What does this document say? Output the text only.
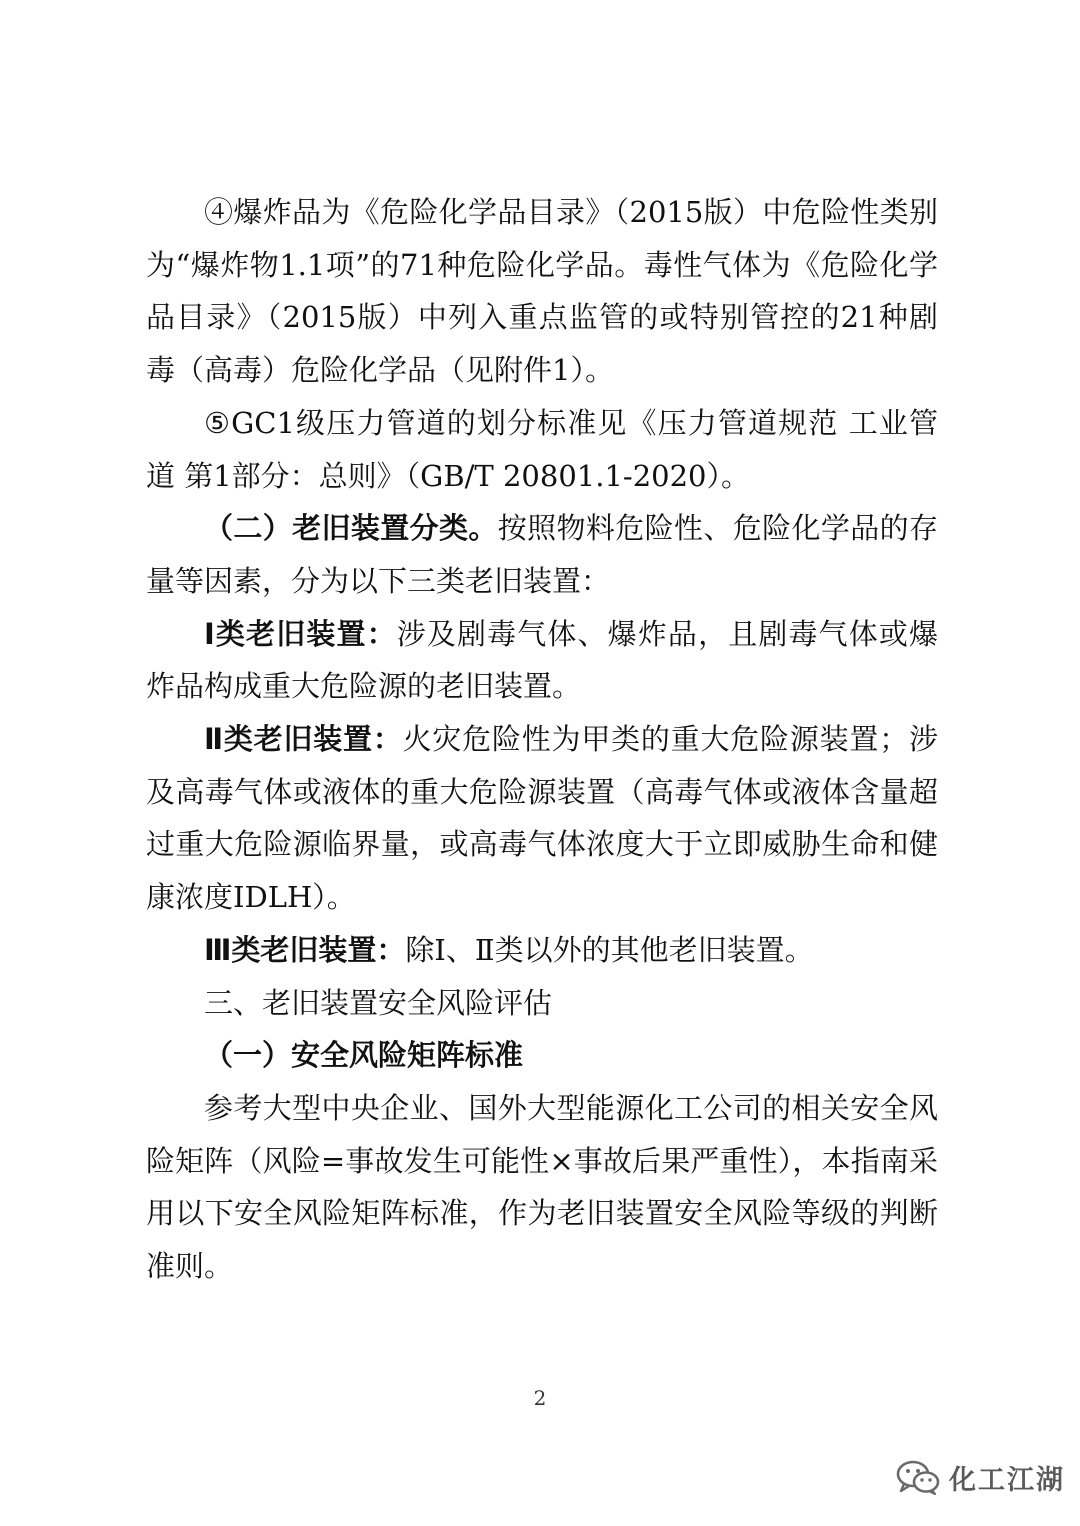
④爆炸品为《危险化学品目录》（2015版）中危险性类别为“爆炸物1.1项”的71种危险化学品。毒性气体为《危险化学品目录》（2015版）中列入重点监管的或特别管控的21种剧毒（高毒）危险化学品（见附件1）。

⑤GC1级压力管道的划分标准见《压力管道规范 工业管道 第1部分：总则》（GB/T 20801.1-2020）。

（二）老旧装置分类。按照物料危险性、危险化学品的存量等因素，分为以下三类老旧装置：

Ⅰ类老旧装置：涉及剧毒气体、爆炸品，且剧毒气体或爆炸品构成重大危险源的老旧装置。

Ⅱ类老旧装置：火灾危险性为甲类的重大危险源装置；涉及高毒气体或液体的重大危险源装置（高毒气体或液体含量超过重大危险源临界量，或高毒气体浓度大于立即威胁生命和健康浓度IDLH）。

Ⅲ类老旧装置：除Ⅰ、Ⅱ类以外的其他老旧装置。

三、老旧装置安全风险评估

（一）安全风险矩阵标准

参考大型中央企业、国外大型能源化工公司的相关安全风险矩阵（风险=事故发生可能性×事故后果严重性），本指南采用以下安全风险矩阵标准，作为老旧装置安全风险等级的判断准则。

2
化工江湖
